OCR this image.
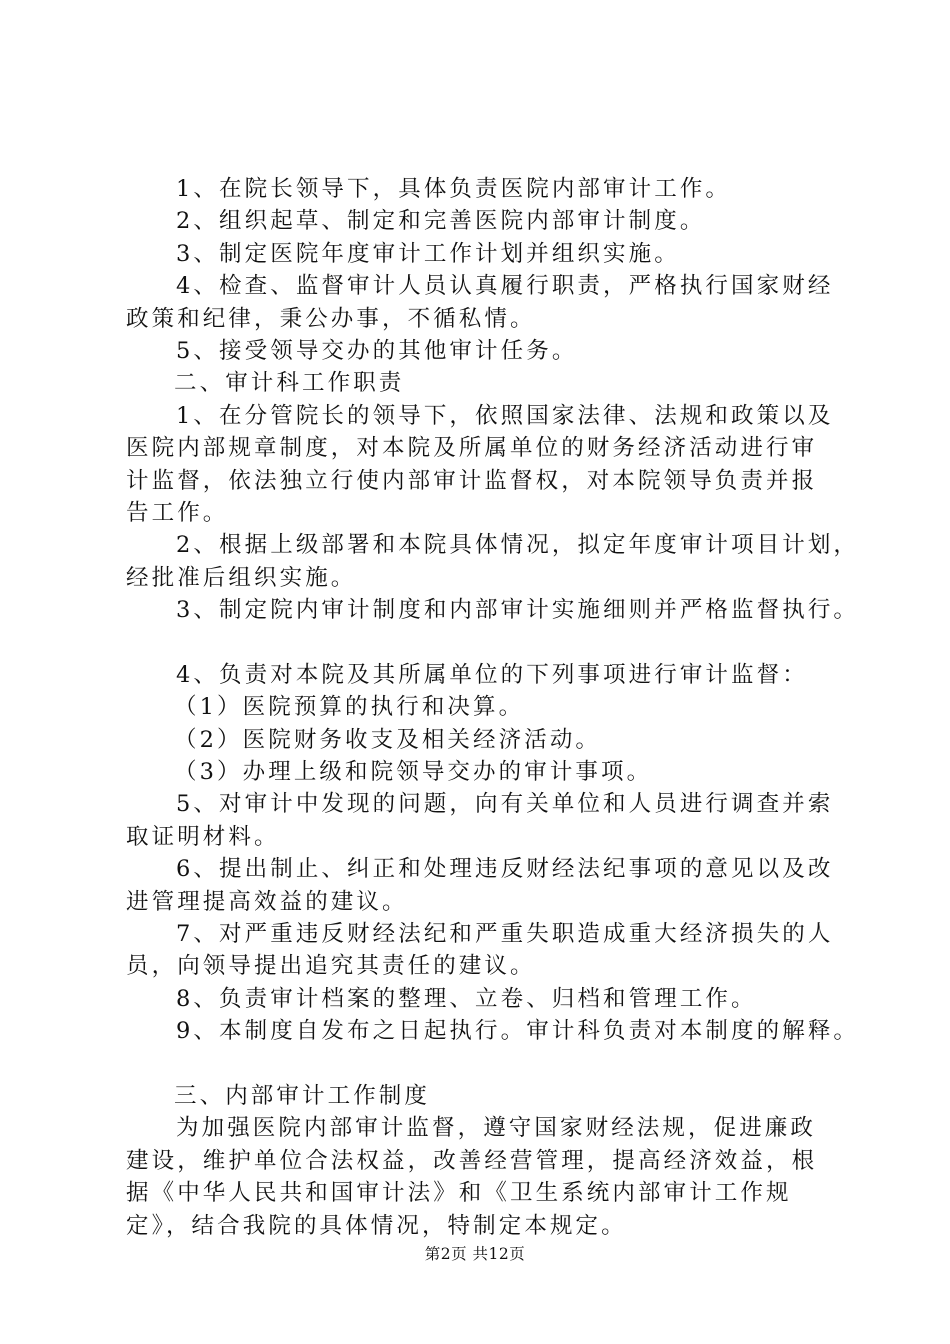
1、在院长领导下，具体负责医院内部审计工作。
2、组织起草、制定和完善医院内部审计制度。
3、制定医院年度审计工作计划并组织实施。
4、检查、监督审计人员认真履行职责，严格执行国家财经
政策和纪律，秉公办事，不循私情。
5、接受领导交办的其他审计任务。
二、审计科工作职责
1、在分管院长的领导下，依照国家法律、法规和政策以及
医院内部规章制度，对本院及所属单位的财务经济活动进行审
计监督，依法独立行使内部审计监督权，对本院领导负责并报
告工作。
2、根据上级部署和本院具体情况，拟定年度审计项目计划，
经批准后组织实施。
3、制定院内审计制度和内部审计实施细则并严格监督执行。
4、负责对本院及其所属单位的下列事项进行审计监督：
（1）医院预算的执行和决算。
（2）医院财务收支及相关经济活动。
（3）办理上级和院领导交办的审计事项。
5、对审计中发现的问题，向有关单位和人员进行调查并索
取证明材料。
6、提出制止、纠正和处理违反财经法纪事项的意见以及改
进管理提高效益的建议。
7、对严重违反财经法纪和严重失职造成重大经济损失的人
员，向领导提出追究其责任的建议。
8、负责审计档案的整理、立卷、归档和管理工作。
9、本制度自发布之日起执行。审计科负责对本制度的解释。
三、内部审计工作制度
为加强医院内部审计监督，遵守国家财经法规，促进廉政
建设，维护单位合法权益，改善经营管理，提高经济效益，根
据《中华人民共和国审计法》和《卫生系统内部审计工作规
定》，结合我院的具体情况，特制定本规定。
第2页 共12页
